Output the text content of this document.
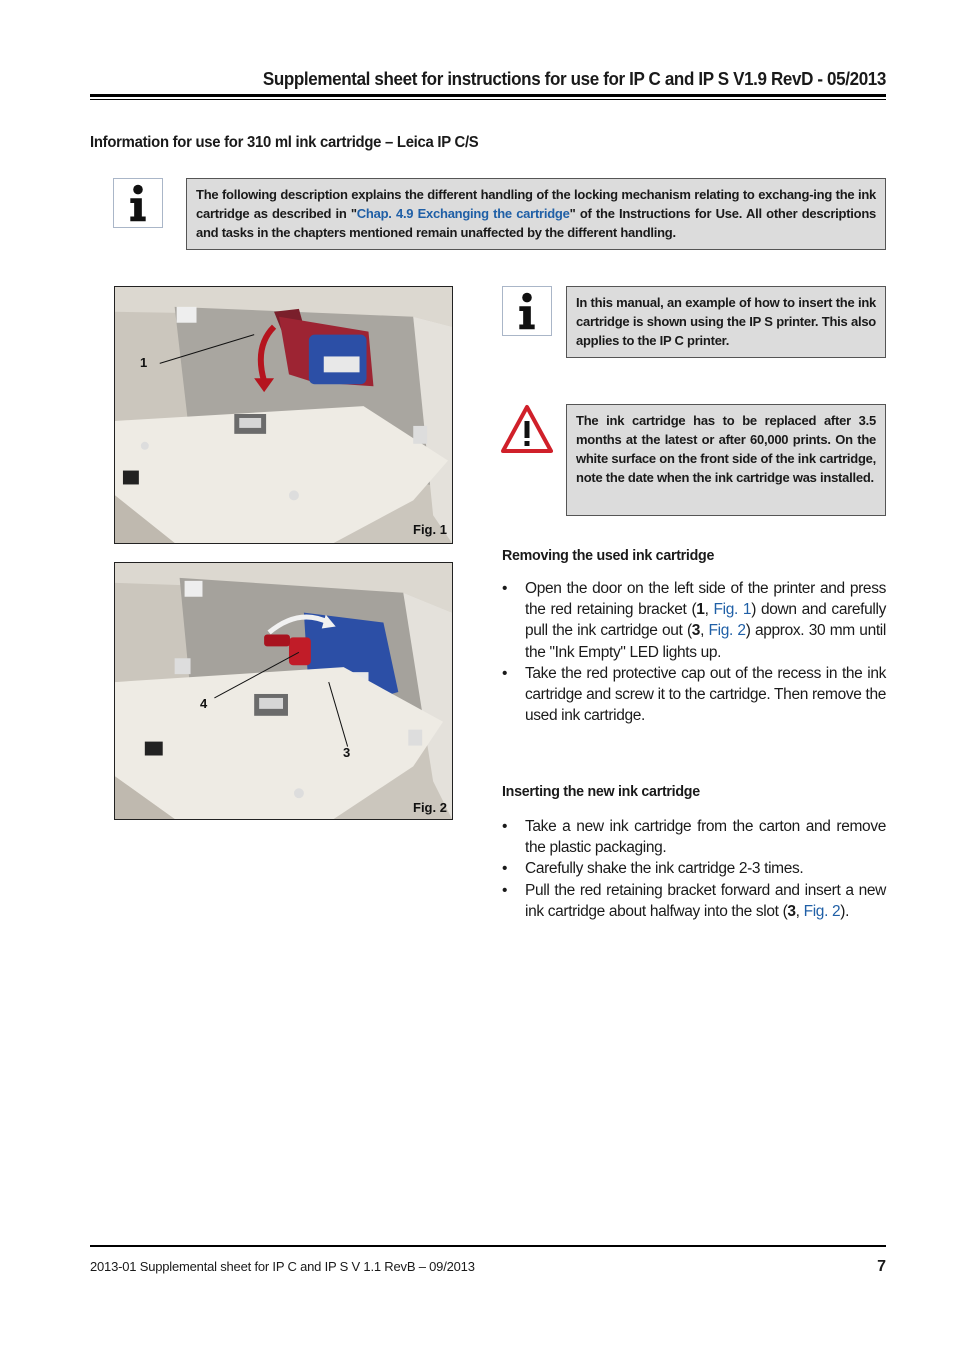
Supplemental sheet for instructions for use for IP C and IP S V1.9 RevD - 05/2013
Information for use for 310 ml ink cartridge – Leica IP C/S
The following description explains the different handling of the locking mechanism relating to exchang-ing the ink cartridge as described in "Chap. 4.9 Exchanging the cartridge" of the Instructions for Use. All other descriptions and tasks in the chapters mentioned remain unaffected by the different handling.
1
Fig. 1
4
3
Fig. 2
In this manual, an example of how to insert the ink cartridge is shown using the IP S printer. This also applies to the IP C printer.
The ink cartridge has to be replaced after 3.5 months at the latest or after 60,000 prints. On the white surface on the front side of the ink cartridge, note the date when the ink cartridge was installed.
Removing the used ink cartridge
• Open the door on the left side of the printer and press the red retaining bracket (1, Fig. 1) down and carefully pull the ink cartridge out (3, Fig. 2) approx. 30 mm until the "Ink Empty" LED lights up.
• Take the red protective cap out of the recess in the ink cartridge and screw it to the cartridge. Then remove the used ink cartridge.
Inserting the new ink cartridge
• Take a new ink cartridge from the carton and remove the plastic packaging.
• Carefully shake the ink cartridge 2-3 times.
• Pull the red retaining bracket forward and insert a new ink cartridge about halfway into the slot (3, Fig. 2).
2013-01 Supplemental sheet for IP C and IP S V 1.1 RevB – 09/2013	7
